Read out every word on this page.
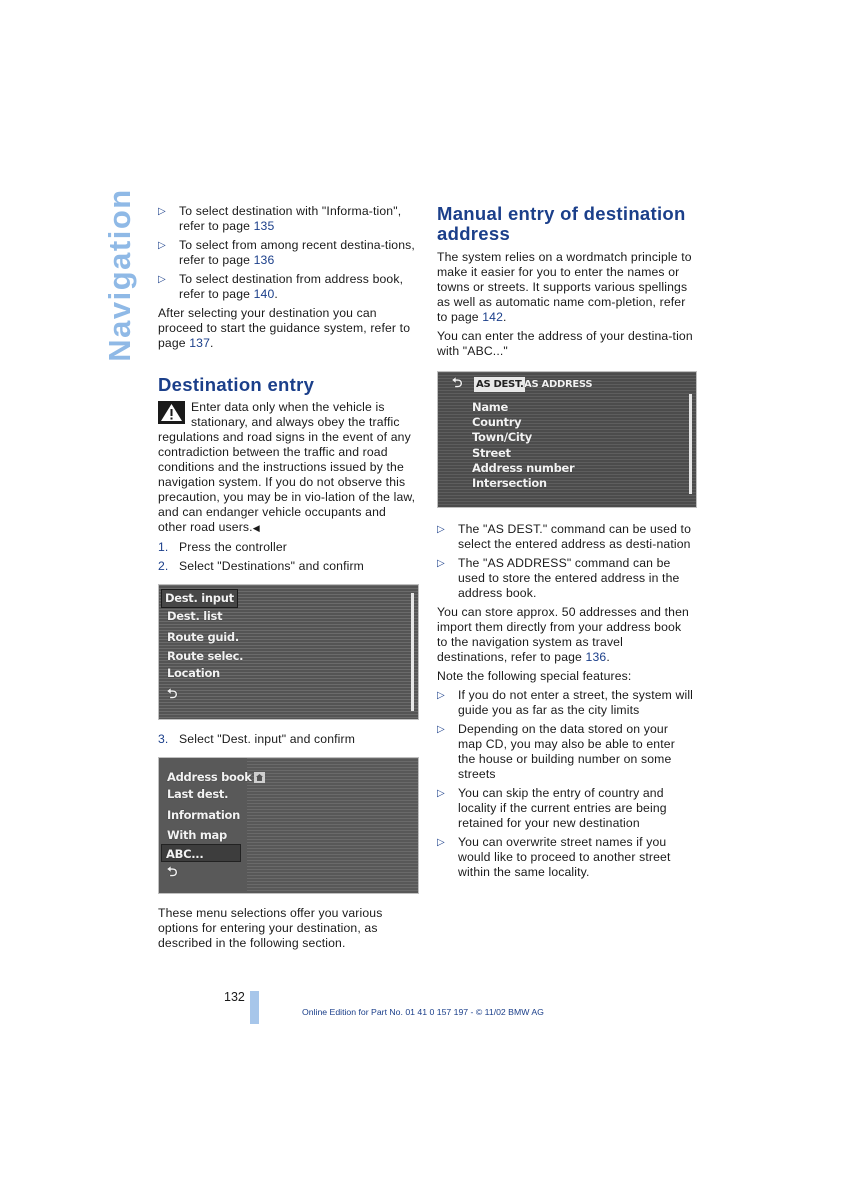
Navigation
▷	To select destination with "Informa-tion", refer to page 135
▷ To select from among recent destina-tions, refer to page 136
▷ To select destination from address book, refer to page 140.

After selecting your destination you can proceed to start the guidance system, refer to page 137.

Destination entry

Enter data only when the vehicle is stationary, and always obey the traffic regulations and road signs in the event of any contradiction between the traffic and road conditions and the instructions issued by the navigation system. If you do not observe this precaution, you may be in vio-lation of the law, and can endanger vehicle occupants and other road users.◀

1. Press the controller
2. Select "Destinations" and confirm
Dest. input
Dest. list
Route guid.
Route selec.
Location
⮌
3. Select "Dest. input" and confirm
Address book
Last dest.
Information
With map
ABC...
⮌

These menu selections offer you various options for entering your destination, as described in the following section.

Manual entry of destination address

The system relies on a wordmatch principle to make it easier for you to enter the names or towns or streets. It supports various spellings as well as automatic name com-pletion, refer to page 142.

You can enter the address of your destina-tion with "ABC..."

⮌ AS DEST. AS ADDRESS
Name
Country
Town/City
Street
Address number
Intersection
▷ The "AS DEST." command can be used to select the entered address as desti-nation
▷ The "AS ADDRESS" command can be used to store the entered address in the address book.

You can store approx. 50 addresses and then import them directly from your address book to the navigation system as travel destinations, refer to page 136.

Note the following special features:

▷ If you do not enter a street, the system will guide you as far as the city limits
▷ Depending on the data stored on your map CD, you may also be able to enter the house or building number on some streets
▷ You can skip the entry of country and locality if the current entries are being retained for your new destination
▷ You can overwrite street names if you would like to proceed to another street within the same locality.
132
Online Edition for Part No. 01 41 0 157 197 - © 11/02 BMW AG
